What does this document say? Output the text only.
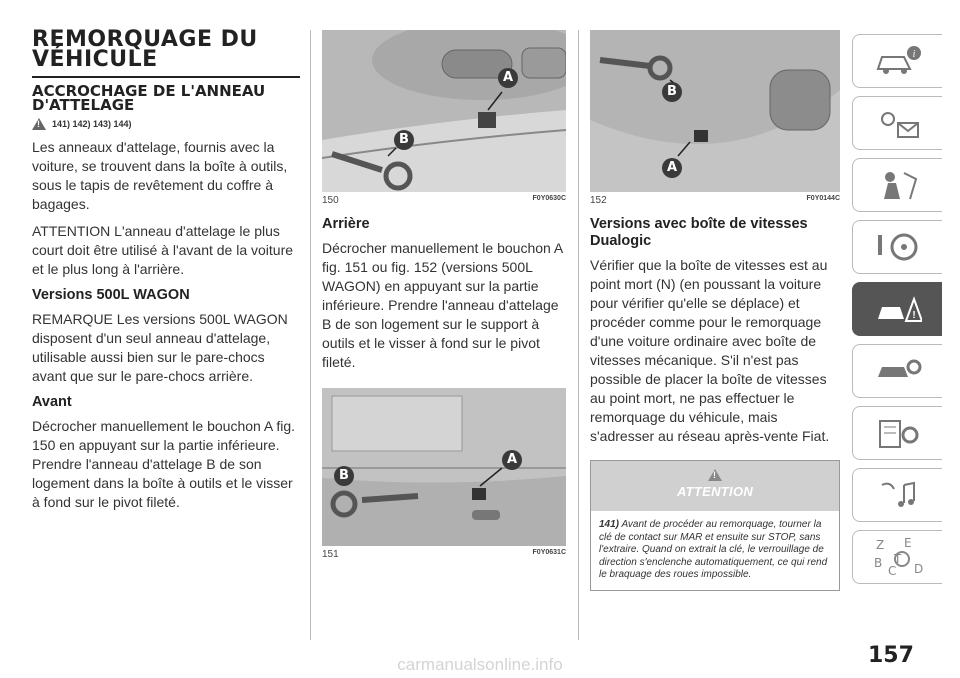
REMORQUAGE DU VÉHICULE
ACCROCHAGE DE L'ANNEAU D'ATTELAGE
!
141) 142) 143) 144)

Les anneaux d'attelage, fournis avec la voiture, se trouvent dans la boîte à outils, sous le tapis de revêtement du coffre à bagages.

ATTENTION L'anneau d'attelage le plus court doit être utilisé à l'avant de la voiture et le plus long à l'arrière.

Versions 500L WAGON

REMARQUE Les versions 500L WAGON disposent d'un seul anneau d'attelage, utilisable aussi bien sur le pare-chocs avant que sur le pare-chocs arrière.

Avant

Décrocher manuellement le bouchon A fig. 150 en appuyant sur la partie inférieure. Prendre l'anneau d'attelage B de son logement dans la boîte à outils et le visser à fond sur le pivot fileté.

A
B
150	F0Y0630C
Arrière

Décrocher manuellement le bouchon A fig. 151 ou fig. 152 (versions 500L WAGON) en appuyant sur la partie inférieure. Prendre l'anneau d'attelage B de son logement sur le support à outils et le visser à fond sur le pivot fileté.

A
B
151	F0Y0631C
B
A
152	F0Y0144C
Versions avec boîte de vitesses Dualogic

Vérifier que la boîte de vitesses est au point mort (N) (en poussant la voiture pour vérifier qu'elle se déplace) et procéder comme pour le remorquage d'une voiture ordinaire avec boîte de vitesses mécanique. S'il n'est pas possible de placer la boîte de vitesses au point mort, ne pas effectuer le remorquage du véhicule, mais s'adresser au réseau après-vente Fiat.

!
ATTENTION
141) Avant de procéder au remorquage, tourner la clé de contact sur MAR et ensuite sur STOP, sans l'extraire. Quand on extrait la clé, le verrouillage de direction s'enclenche automatiquement, ce qui rend le braquage des roues impossible.
i
!
Z E
B
C
T
D
157
carmanualsonline.info
